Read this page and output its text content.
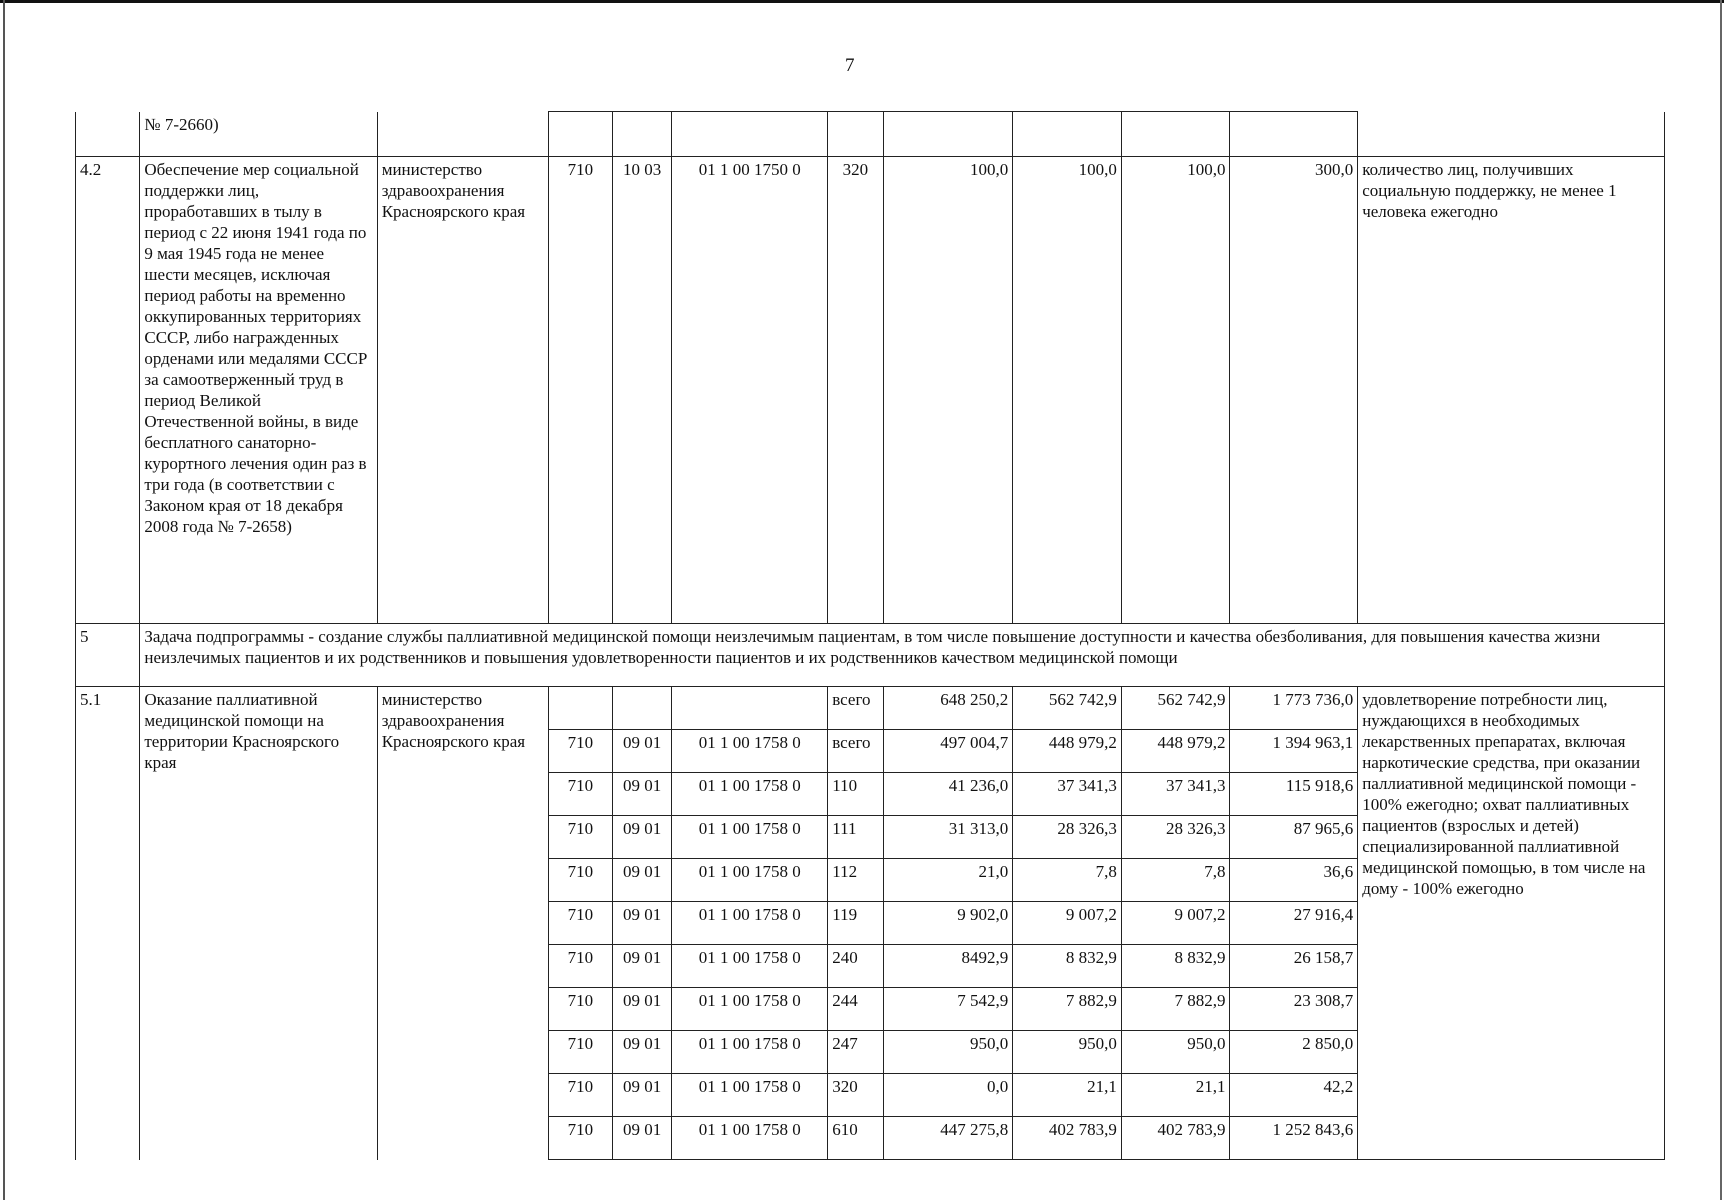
7
	№ 7-2660)										
4.2	Обеспечение мер социальной поддержки лиц, проработавших в тылу в период с 22 июня 1941 года по 9 мая 1945 года не менее шести месяцев, исключая период работы на временно оккупированных территориях СССР, либо награжденных орденами или медалями СССР за самоотверженный труд в период Великой Отечественной войны, в виде бесплатного санаторно-курортного лечения один раз в три года (в соответствии с Законом края от 18 декабря 2008 года № 7-2658)	министерство здравоохранения Красноярского края	710	10 03	01 1 00 1750 0	320	100,0	100,0	100,0	300,0	количество лиц, получивших социальную поддержку, не менее 1 человека ежегодно
5	Задача подпрограммы - создание службы паллиативной медицинской помощи неизлечимым пациентам, в том числе повышение доступности и качества обезболивания, для повышения качества жизни неизлечимых пациентов и их родственников и повышения удовлетворенности пациентов и их родственников качеством медицинской помощи										
5.1	Оказание паллиативной медицинской помощи на территории Красноярского края	министерство здравоохранения Красноярского края				всего	648 250,2	562 742,9	562 742,9	1 773 736,0	удовлетворение потребности лиц, нуждающихся в необходимых лекарственных препаратах, включая наркотические средства, при оказании паллиативной медицинской помощи - 100% ежегодно; охват паллиативных пациентов (взрослых и детей) специализированной паллиативной медицинской помощью, в том числе на дому - 100% ежегодно
			710	09 01	01 1 00 1758 0	всего	497 004,7	448 979,2	448 979,2	1 394 963,1	
			710	09 01	01 1 00 1758 0	110	41 236,0	37 341,3	37 341,3	115 918,6	
			710	09 01	01 1 00 1758 0	111	31 313,0	28 326,3	28 326,3	87 965,6	
			710	09 01	01 1 00 1758 0	112	21,0	7,8	7,8	36,6	
			710	09 01	01 1 00 1758 0	119	9 902,0	9 007,2	9 007,2	27 916,4	
			710	09 01	01 1 00 1758 0	240	8492,9	8 832,9	8 832,9	26 158,7	
			710	09 01	01 1 00 1758 0	244	7 542,9	7 882,9	7 882,9	23 308,7	
			710	09 01	01 1 00 1758 0	247	950,0	950,0	950,0	2 850,0	
			710	09 01	01 1 00 1758 0	320	0,0	21,1	21,1	42,2	
			710	09 01	01 1 00 1758 0	610	447 275,8	402 783,9	402 783,9	1 252 843,6	
